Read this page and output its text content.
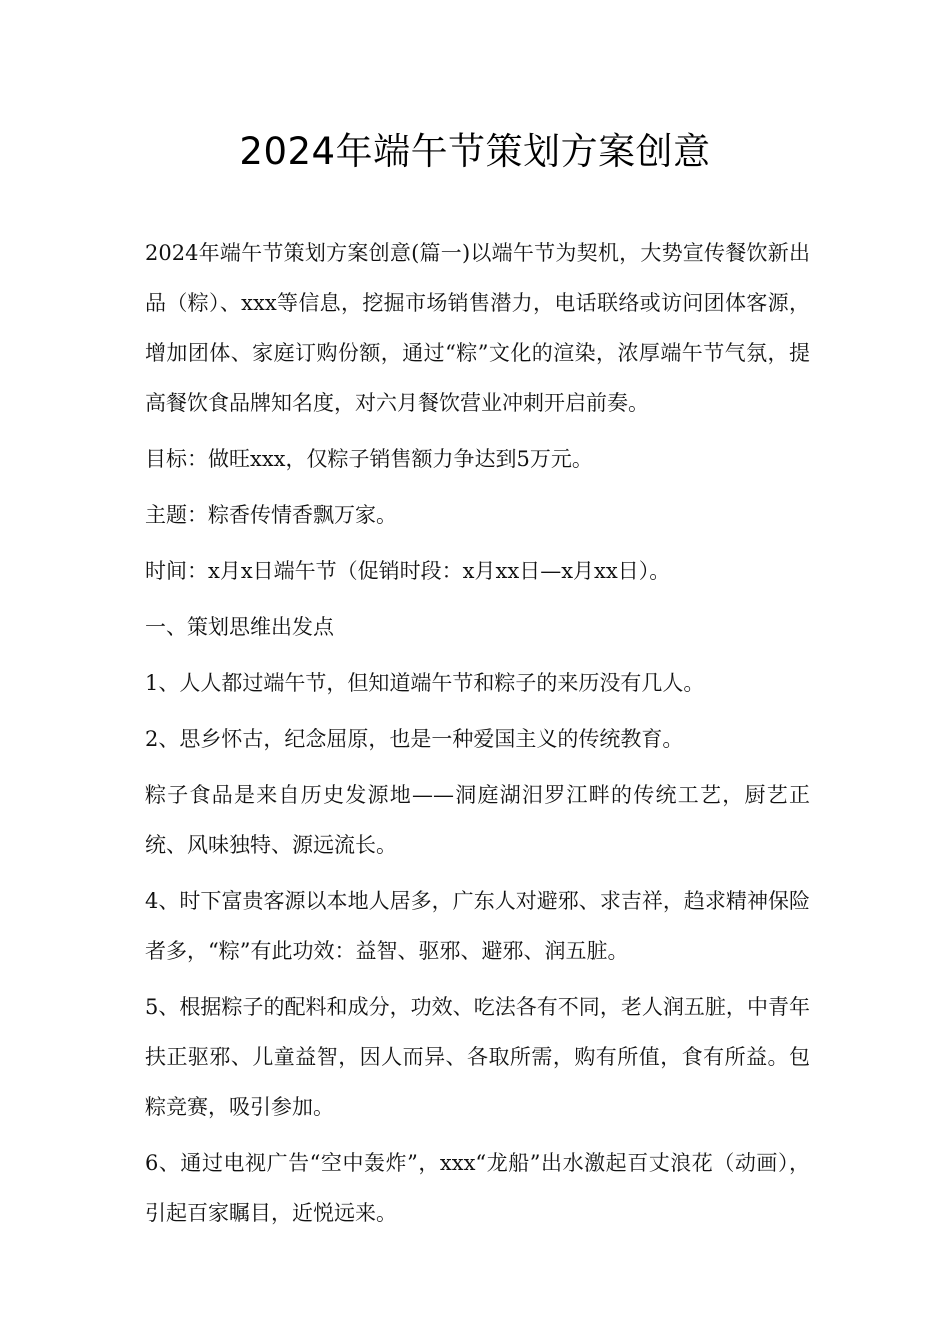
2024年端午节策划方案创意

2024年端午节策划方案创意(篇一)以端午节为契机，大势宣传餐饮新出品（粽）、xxx等信息，挖掘市场销售潜力，电话联络或访问团体客源，增加团体、家庭订购份额，通过“粽”文化的渲染，浓厚端午节气氛，提高餐饮食品牌知名度，对六月餐饮营业冲刺开启前奏。

目标：做旺xxx，仅粽子销售额力争达到5万元。

主题：粽香传情香飘万家。

时间：x月x日端午节（促销时段：x月xx日—x月xx日）。

一、策划思维出发点

1、人人都过端午节，但知道端午节和粽子的来历没有几人。

2、思乡怀古，纪念屈原，也是一种爱国主义的传统教育。

粽子食品是来自历史发源地——洞庭湖汨罗江畔的传统工艺，厨艺正统、风味独特、源远流长。

4、时下富贵客源以本地人居多，广东人对避邪、求吉祥，趋求精神保险者多，“粽”有此功效：益智、驱邪、避邪、润五脏。

5、根据粽子的配料和成分，功效、吃法各有不同，老人润五脏，中青年扶正驱邪、儿童益智，因人而异、各取所需，购有所值，食有所益。包粽竞赛，吸引参加。

6、通过电视广告“空中轰炸”，xxx“龙船”出水激起百丈浪花（动画），引起百家瞩目，近悦远来。
